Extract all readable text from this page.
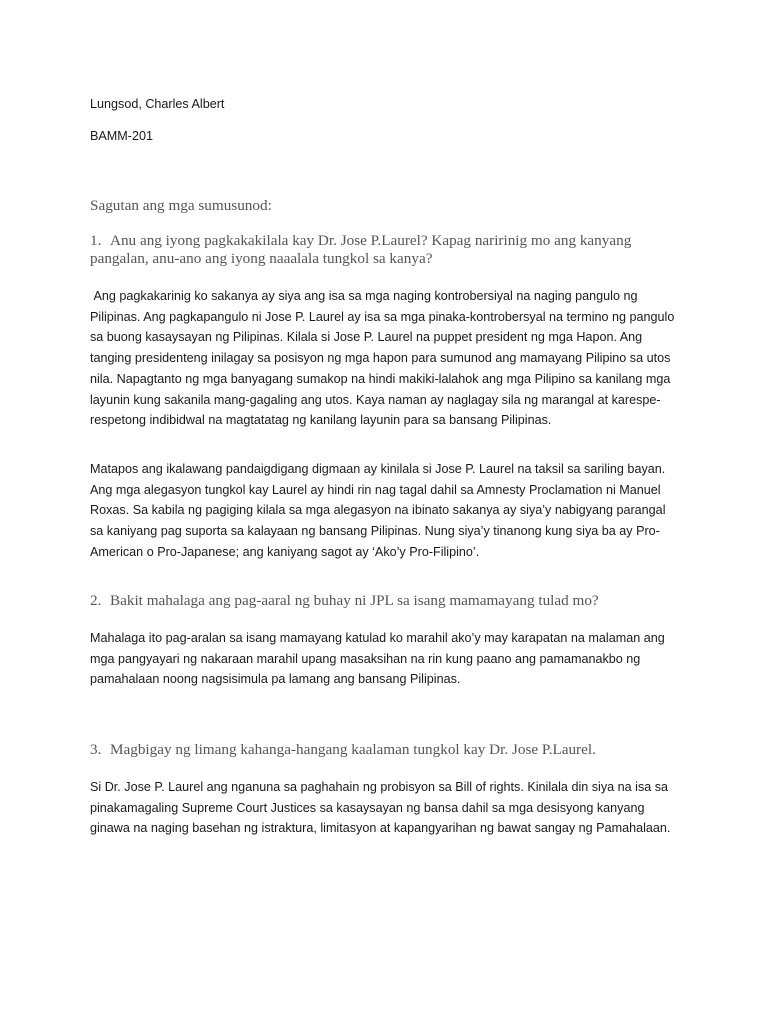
Lungsod, Charles Albert

BAMM-201

Sagutan ang mga sumusunod:

1. Anu ang iyong pagkakakilala kay Dr. Jose P.Laurel? Kapag naririnig mo ang kanyang pangalan, anu-ano ang iyong naaalala tungkol sa kanya?

Ang pagkakarinig ko sakanya ay siya ang isa sa mga naging kontrobersiyal na naging pangulo ng Pilipinas. Ang pagkapangulo ni Jose P. Laurel ay isa sa mga pinaka-kontrobersyal na termino ng pangulo sa buong kasaysayan ng Pilipinas. Kilala si Jose P. Laurel na puppet president ng mga Hapon. Ang tanging presidenteng inilagay sa posisyon ng mga hapon para sumunod ang mamayang Pilipino sa utos nila. Napagtanto ng mga banyagang sumakop na hindi makiki-lalahok ang mga Pilipino sa kanilang mga layunin kung sakanila mang-gagaling ang utos. Kaya naman ay naglagay sila ng marangal at karespe-respetong indibidwal na magtatatag ng kanilang layunin para sa bansang Pilipinas.

Matapos ang ikalawang pandaigdigang digmaan ay kinilala si Jose P. Laurel na taksil sa sariling bayan. Ang mga alegasyon tungkol kay Laurel ay hindi rin nag tagal dahil sa Amnesty Proclamation ni Manuel Roxas. Sa kabila ng pagiging kilala sa mga alegasyon na ibinato sakanya ay siya’y nabigyang parangal sa kaniyang pag suporta sa kalayaan ng bansang Pilipinas. Nung siya’y tinanong kung siya ba ay Pro-American o Pro-Japanese; ang kaniyang sagot ay ‘Ako’y Pro-Filipino’.

2. Bakit mahalaga ang pag-aaral ng buhay ni JPL sa isang mamamayang tulad mo?

Mahalaga ito pag-aralan sa isang mamayang katulad ko marahil ako’y may karapatan na malaman ang mga pangyayari ng nakaraan marahil upang masaksihan na rin kung paano ang pamamanakbo ng pamahalaan noong nagsisimula pa lamang ang bansang Pilipinas.

3. Magbigay ng limang kahanga-hangang kaalaman tungkol kay Dr. Jose P.Laurel.

Si Dr. Jose P. Laurel ang nganuna sa paghahain ng probisyon sa Bill of rights. Kinilala din siya na isa sa pinakamagaling Supreme Court Justices sa kasaysayan ng bansa dahil sa mga desisyong kanyang ginawa na naging basehan ng istraktura, limitasyon at kapangyarihan ng bawat sangay ng Pamahalaan.
